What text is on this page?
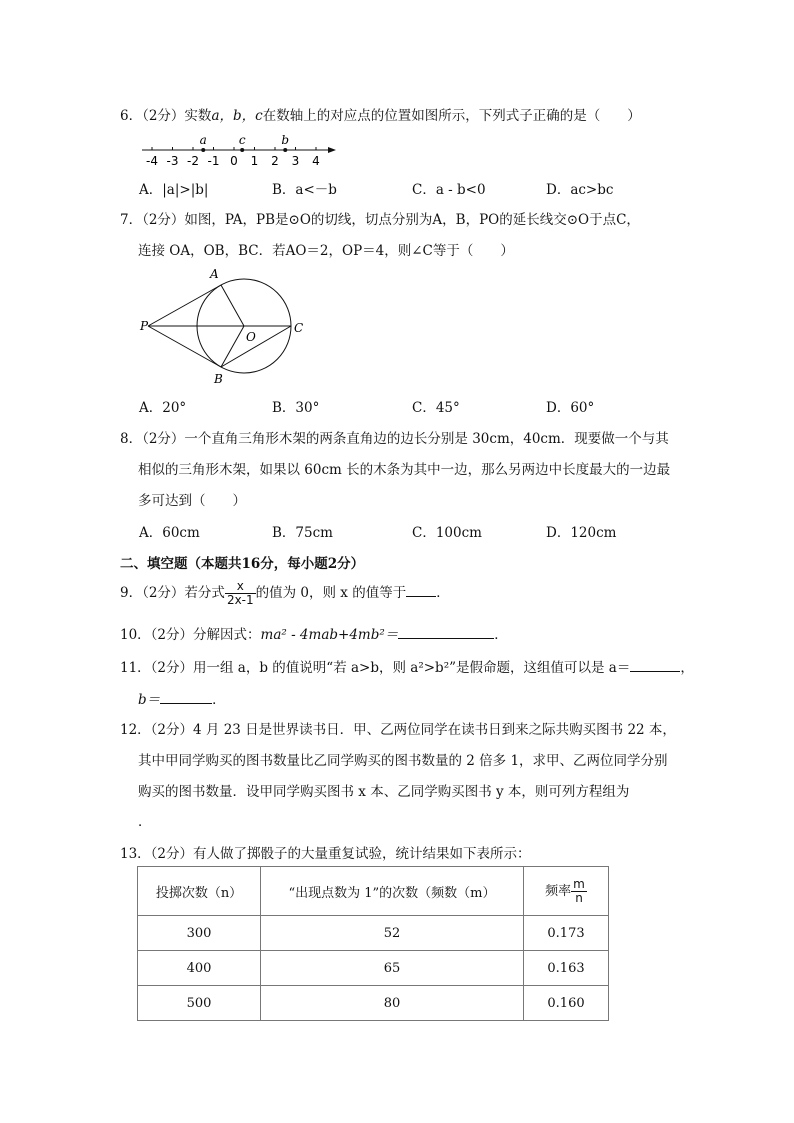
6．（2分）实数a，b，c在数轴上的对应点的位置如图所示，下列式子正确的是（　　）
-4 -3 -2 -1 0 1 2 3 4
a	c	b
A．|a|>|b|	B．a<－b	C．a - b<0	D．ac>bc
7．（2分）如图，PA，PB是⊙O的切线，切点分别为A，B，PO的延长线交⊙O于点C，
连接 OA，OB，BC．若AO＝2，OP＝4，则∠C等于（　　）
A
B
C
O
P
A．20°	B．30°	C．45°	D．60°
8．（2分）一个直角三角形木架的两条直角边的边长分别是 30cm，40cm．现要做一个与其
相似的三角形木架，如果以 60cm 长的木条为其中一边，那么另两边中长度最大的一边最
多可达到（　　）
A．60cm	B．75cm	C．100cm	D．120cm
二、填空题（本题共16分，每小题2分）
9．（2分）若分式 $\frac{x}{2x-1}$ 的值为 0，则 x 的值等于 ．
10．（2分）分解因式：ma² - 4mab+4mb²＝	．
11．（2分）用一组 a，b 的值说明“若 a>b，则 a²>b²”是假命题，这组值可以是 a＝	，
b＝	．
12．（2分）4 月 23 日是世界读书日．甲、乙两位同学在读书日到来之际共购买图书 22 本，
其中甲同学购买的图书数量比乙同学购买的图书数量的 2 倍多 1，求甲、乙两位同学分别
购买的图书数量．设甲同学购买图书 x 本、乙同学购买图书 y 本，则可列方程组为
．
13．（2分）有人做了掷骰子的大量重复试验，统计结果如下表所示：
投掷次数（n）	“出现点数为 1”的次数（频数（m）	频率 $\frac{m}{n}$

300	52	0.173
400	65	0.163
500	80	0.160
